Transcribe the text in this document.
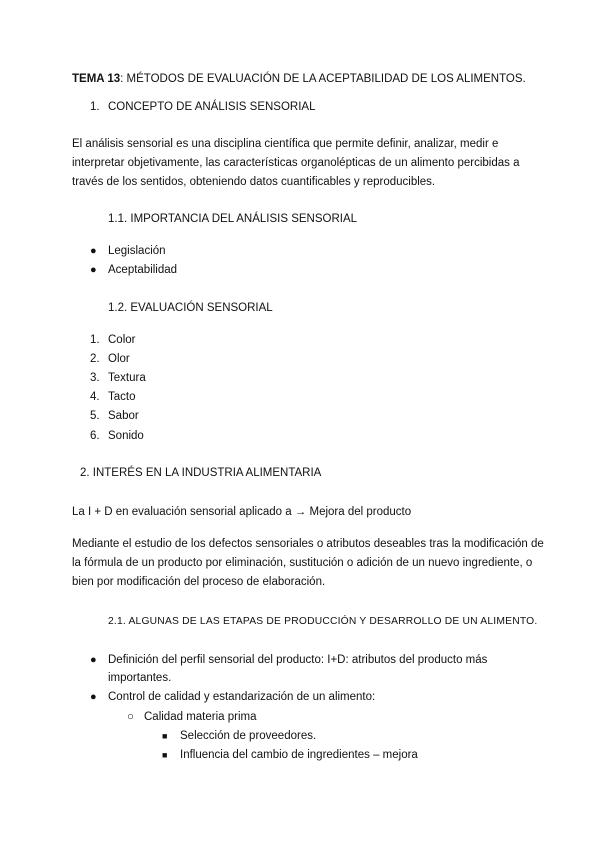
TEMA 13: MÉTODOS DE EVALUACIÓN DE LA ACEPTABILIDAD DE LOS ALIMENTOS.
1. CONCEPTO DE ANÁLISIS SENSORIAL
El análisis sensorial es una disciplina científica que permite definir, analizar, medir e
interpretar objetivamente, las características organolépticas de un alimento percibidas a
través de los sentidos, obteniendo datos cuantificables y reproducibles.
1.1. IMPORTANCIA DEL ANÁLISIS SENSORIAL
● Legislación
● Aceptabilidad
1.2. EVALUACIÓN SENSORIAL
1. Color
2. Olor
3. Textura
4. Tacto
5. Sabor
6. Sonido
2. INTERÉS EN LA INDUSTRIA ALIMENTARIA
La I + D en evaluación sensorial aplicado a → Mejora del producto
Mediante el estudio de los defectos sensoriales o atributos deseables tras la modificación de
la fórmula de un producto por eliminación, sustitución o adición de un nuevo ingrediente, o
bien por modificación del proceso de elaboración.
2.1. ALGUNAS DE LAS ETAPAS DE PRODUCCIÓN Y DESARROLLO DE UN ALIMENTO.
● Definición del perfil sensorial del producto: I+D: atributos del producto más
importantes.
● Control de calidad y estandarización de un alimento:
○ Calidad materia prima
■ Selección de proveedores.
■ Influencia del cambio de ingredientes – mejora
